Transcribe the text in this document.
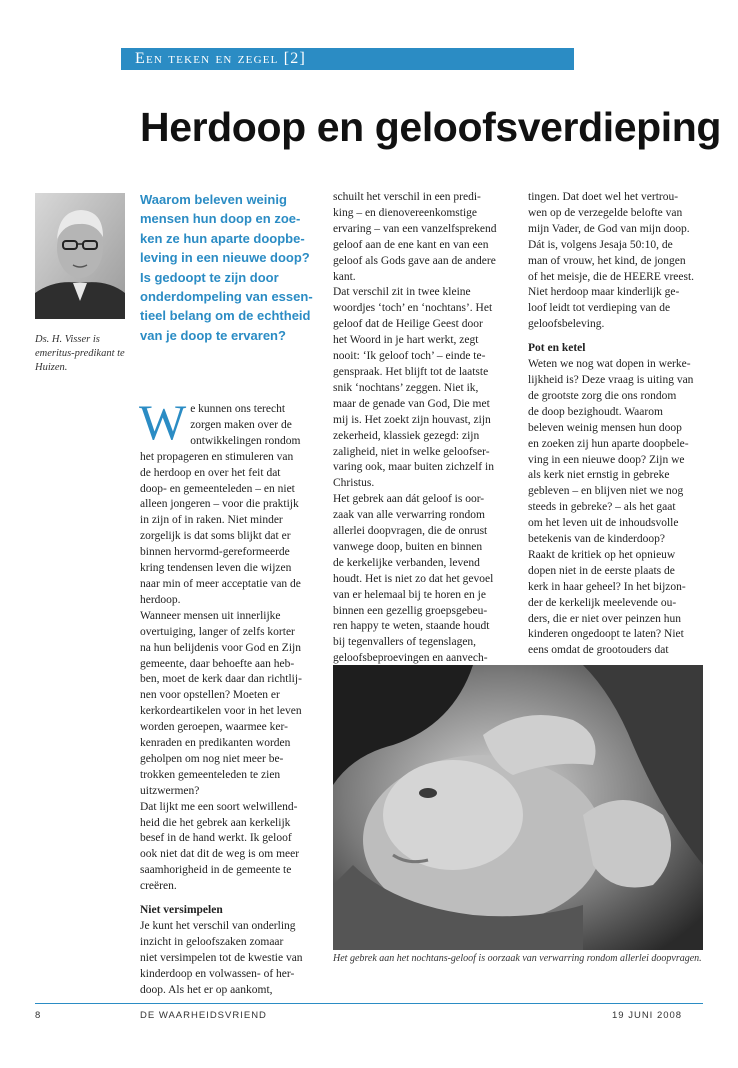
Een teken en zegel [2]
Herdoop en geloofsverdieping
Ds. H. Visser is
emeritus-predikant te
Huizen.

Waarom beleven weinig

mensen hun doop en zoe-

ken ze hun aparte doopbe-

leving in een nieuwe doop?

Is gedoopt te zijn door

onderdompeling van essen-

tieel belang om de echtheid

van je doop te ervaren?

W e kunnen ons terecht

zorgen maken over de

ontwikkelingen rondom

het propageren en stimuleren van

de herdoop en over het feit dat

doop- en gemeenteleden – en niet

alleen jongeren – voor die praktijk

in zijn of in raken. Niet minder

zorgelijk is dat soms blijkt dat er

binnen hervormd-gereformeerde

kring tendensen leven die wijzen

naar min of meer acceptatie van de

herdoop.

Wanneer mensen uit innerlijke

overtuiging, langer of zelfs korter

na hun belijdenis voor God en Zijn

gemeente, daar behoefte aan heb-

ben, moet de kerk daar dan richtlij-

nen voor opstellen? Moeten er

kerkordeartikelen voor in het leven

worden geroepen, waarmee ker-

kenraden en predikanten worden

geholpen om nog niet meer be-

trokken gemeenteleden te zien

uitzwermen?

Dat lijkt me een soort welwillend-

heid die het gebrek aan kerkelijk

besef in de hand werkt. Ik geloof

ook niet dat dit de weg is om meer

saamhorigheid in de gemeente te

creëren.

Niet versimpelen

Je kunt het verschil van onderling

inzicht in geloofszaken zomaar

niet versimpelen tot de kwestie van

kinderdoop en volwassen- of her-

doop. Als het er op aankomt,

schuilt het verschil in een predi-

king – en dienovereenkomstige

ervaring – van een vanzelfsprekend

geloof aan de ene kant en van een

geloof als Gods gave aan de andere

kant.

Dat verschil zit in twee kleine

woordjes ‘toch’ en ‘nochtans’. Het

geloof dat de Heilige Geest door

het Woord in je hart werkt, zegt

nooit: ‘Ik geloof toch’ – einde te-

genspraak. Het blijft tot de laatste

snik ‘nochtans’ zeggen. Niet ik,

maar de genade van God, Die met

mij is. Het zoekt zijn houvast, zijn

zekerheid, klassiek gezegd: zijn

zaligheid, niet in welke geloofser-

varing ook, maar buiten zichzelf in

Christus.

Het gebrek aan dát geloof is oor-

zaak van alle verwarring rondom

allerlei doopvragen, die de onrust

vanwege doop, buiten en binnen

de kerkelijke verbanden, levend

houdt. Het is niet zo dat het gevoel

van er helemaal bij te horen en je

binnen een gezellig groepsgebeu-

ren happy te weten, staande houdt

bij tegenvallers of tegenslagen,

geloofsbeproevingen en aanvech-

tingen. Dat doet wel het vertrou-

wen op de verzegelde belofte van

mijn Vader, de God van mijn doop.

Dát is, volgens Jesaja 50:10, de

man of vrouw, het kind, de jongen

of het meisje, die de HEERE vreest.

Niet herdoop maar kinderlijk ge-

loof leidt tot verdieping van de

geloofsbeleving.

Pot en ketel

Weten we nog wat dopen in werke-

lijkheid is? Deze vraag is uiting van

de grootste zorg die ons rondom

de doop bezighoudt. Waarom

beleven weinig mensen hun doop

en zoeken zij hun aparte doopbele-

ving in een nieuwe doop? Zijn we

als kerk niet ernstig in gebreke

gebleven – en blijven niet we nog

steeds in gebreke? – als het gaat

om het leven uit de inhoudsvolle

betekenis van de kinderdoop?

Raakt de kritiek op het opnieuw

dopen niet in de eerste plaats de

kerk in haar geheel? In het bijzon-

der de kerkelijk meelevende ou-

ders, die er niet over peinzen hun

kinderen ongedoopt te laten? Niet

eens omdat de grootouders dat

Het gebrek aan het nochtans-geloof is oorzaak van verwarring rondom allerlei doopvragen.
8	DE WAARHEIDSVRIEND	19 JUNI 2008
